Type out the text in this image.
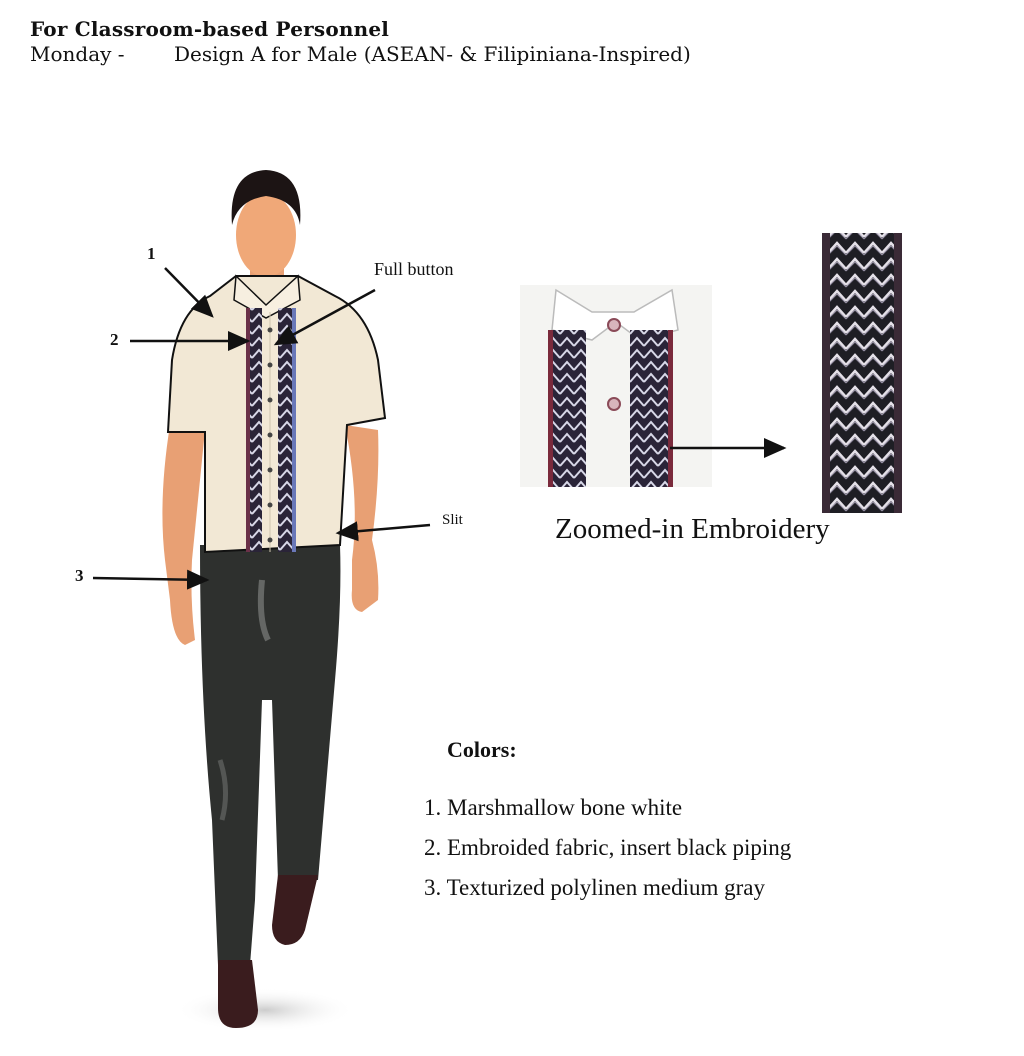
For Classroom-based Personnel
Monday - Design A for Male (ASEAN- & Filipiniana-Inspired)
1
2
3
Full button
Slit	Zoomed-in Embroidery
Colors:
1. Marshmallow bone white
2. Embroided fabric, insert black piping
3. Texturized polylinen medium gray
